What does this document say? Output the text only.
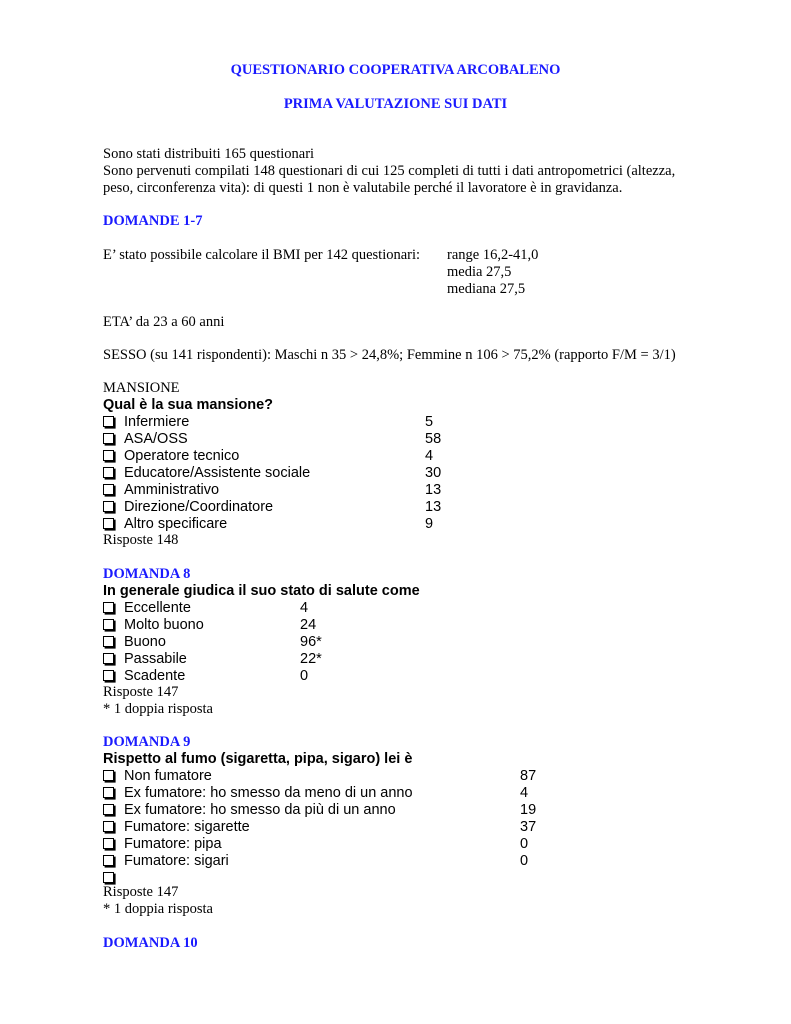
QUESTIONARIO COOPERATIVA ARCOBALENO
PRIMA VALUTAZIONE SUI DATI
Sono stati distribuiti 165 questionari
Sono pervenuti compilati 148 questionari di cui 125 completi di tutti i dati antropometrici (altezza,
peso, circonferenza vita): di questi 1 non è valutabile perché il lavoratore è in gravidanza.
DOMANDE 1-7
E’ stato possibile calcolare il BMI per 142 questionari: range 16,2-41,0
media 27,5
mediana 27,5
ETA’ da 23 a 60 anni
SESSO (su 141 rispondenti): Maschi n 35 > 24,8%; Femmine n 106 > 75,2% (rapporto F/M = 3/1)
MANSIONE
Qual è la sua mansione?
Infermiere	5
ASA/OSS	58
Operatore tecnico	4
Educatore/Assistente sociale	30
Amministrativo	13
Direzione/Coordinatore	13
Altro specificare	9
Risposte 148
DOMANDA 8
In generale giudica il suo stato di salute come
Eccellente	4
Molto buono	24
Buono	96*
Passabile	22*
Scadente	0
Risposte 147
* 1 doppia risposta
DOMANDA 9
Rispetto al fumo (sigaretta, pipa, sigaro) lei è
Non fumatore	87
Ex fumatore: ho smesso da meno di un anno	4
Ex fumatore: ho smesso da più di un anno	19
Fumatore: sigarette	37
Fumatore: pipa	0
Fumatore: sigari	0
Risposte 147
* 1 doppia risposta
DOMANDA 10
